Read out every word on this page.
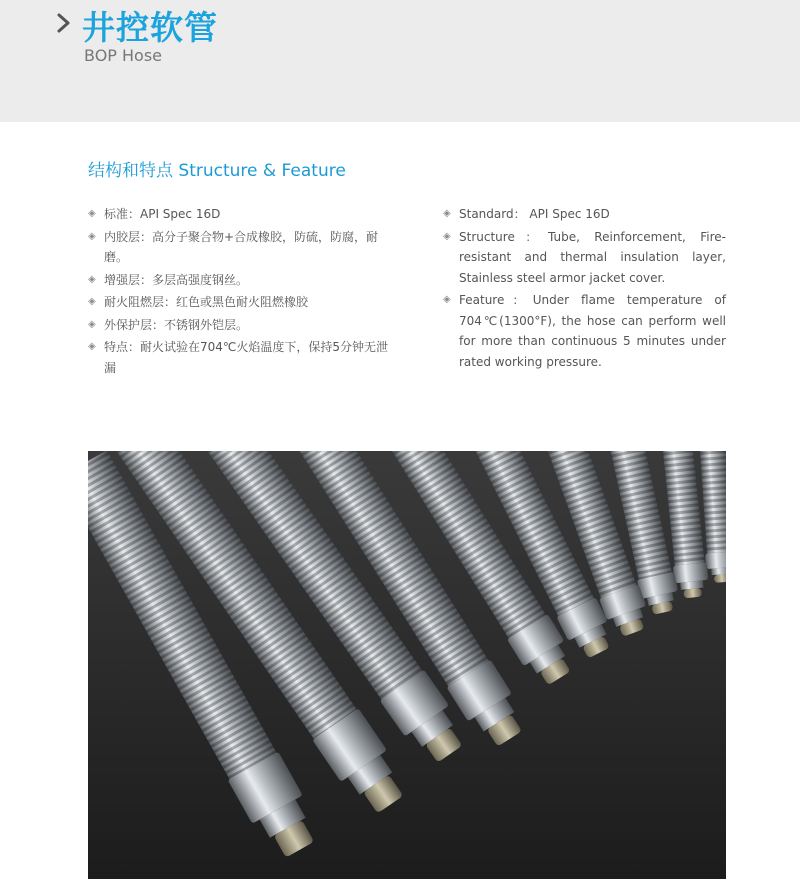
井控软管
BOP Hose
结构和特点 Structure & Feature
◈ 标准：API Spec 16D
◈ 内胶层：高分子聚合物+合成橡胶，防硫，防腐，耐磨。
◈ 增强层：多层高强度钢丝。
◈ 耐火阻燃层：红色或黑色耐火阻燃橡胶
◈ 外保护层：不锈钢外铠层。
◈ 特点：耐火试验在704℃火焰温度下，保持5分钟无泄漏
◈ Standard： API Spec 16D
◈ Structure：Tube, Reinforcement, Fire-resistant and thermal insulation layer, Stainless steel armor jacket cover.
◈ Feature：Under flame temperature of 704℃(1300°F), the hose can perform well for more than continuous 5 minutes under rated working pressure.
